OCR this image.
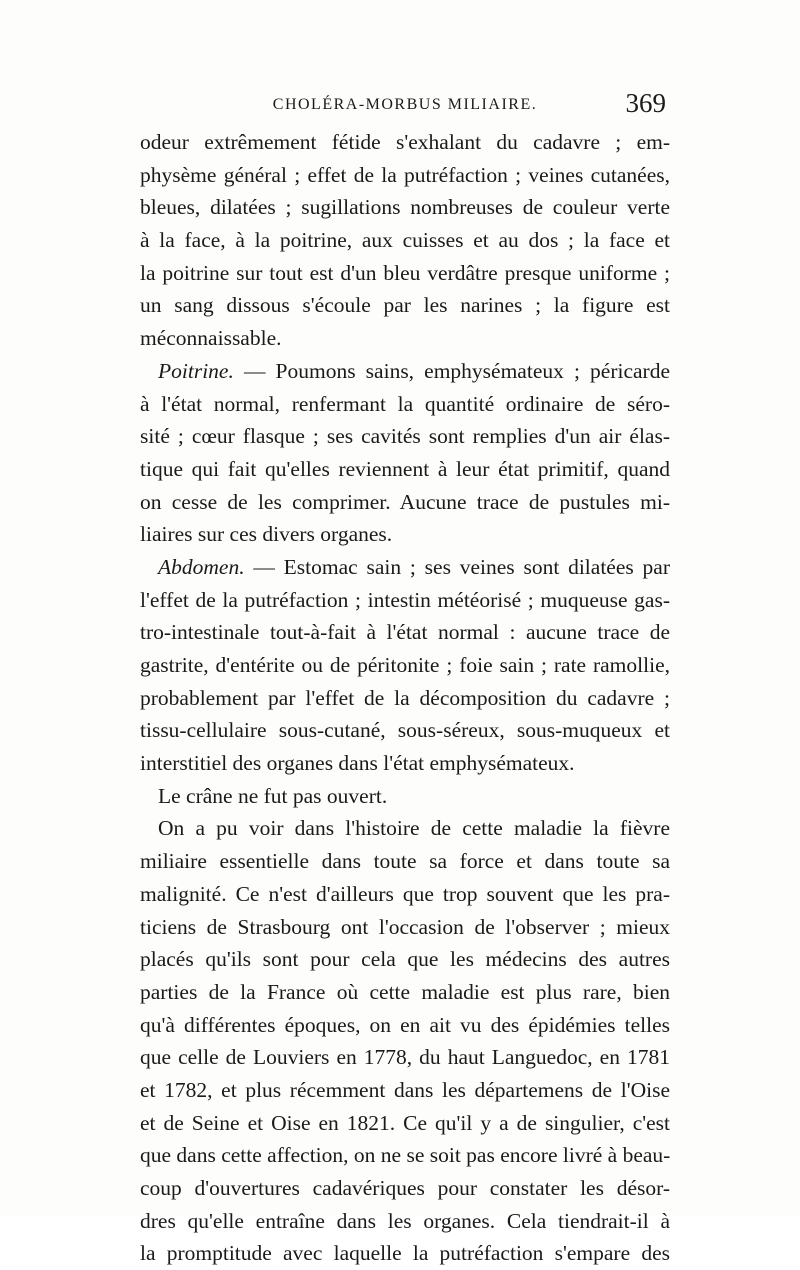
CHOLÉRA-MORBUS MILIAIRE.	369
odeur extrêmement fétide s'exhalant du cadavre ; em-
physème général ; effet de la putréfaction ; veines cutanées,
bleues, dilatées ; sugillations nombreuses de couleur verte
à la face, à la poitrine, aux cuisses et au dos ; la face et
la poitrine sur tout est d'un bleu verdâtre presque uniforme ;
un sang dissous s'écoule par les narines ; la figure est
méconnaissable.
Poitrine. — Poumons sains, emphysémateux ; péricarde
à l'état normal, renfermant la quantité ordinaire de séro-
sité ; cœur flasque ; ses cavités sont remplies d'un air élas-
tique qui fait qu'elles reviennent à leur état primitif, quand
on cesse de les comprimer. Aucune trace de pustules mi-
liaires sur ces divers organes.
Abdomen. — Estomac sain ; ses veines sont dilatées par
l'effet de la putréfaction ; intestin météorisé ; muqueuse gas-
tro-intestinale tout-à-fait à l'état normal : aucune trace de
gastrite, d'entérite ou de péritonite ; foie sain ; rate ramollie,
probablement par l'effet de la décomposition du cadavre ;
tissu-cellulaire sous-cutané, sous-séreux, sous-muqueux et
interstitiel des organes dans l'état emphysémateux.
Le crâne ne fut pas ouvert.
On a pu voir dans l'histoire de cette maladie la fièvre
miliaire essentielle dans toute sa force et dans toute sa
malignité. Ce n'est d'ailleurs que trop souvent que les pra-
ticiens de Strasbourg ont l'occasion de l'observer ; mieux
placés qu'ils sont pour cela que les médecins des autres
parties de la France où cette maladie est plus rare, bien
qu'à différentes époques, on en ait vu des épidémies telles
que celle de Louviers en 1778, du haut Languedoc, en 1781
et 1782, et plus récemment dans les départemens de l'Oise
et de Seine et Oise en 1821. Ce qu'il y a de singulier, c'est
que dans cette affection, on ne se soit pas encore livré à beau-
coup d'ouvertures cadavériques pour constater les désor-
dres qu'elle entraîne dans les organes. Cela tiendrait-il à
la promptitude avec laquelle la putréfaction s'empare des
